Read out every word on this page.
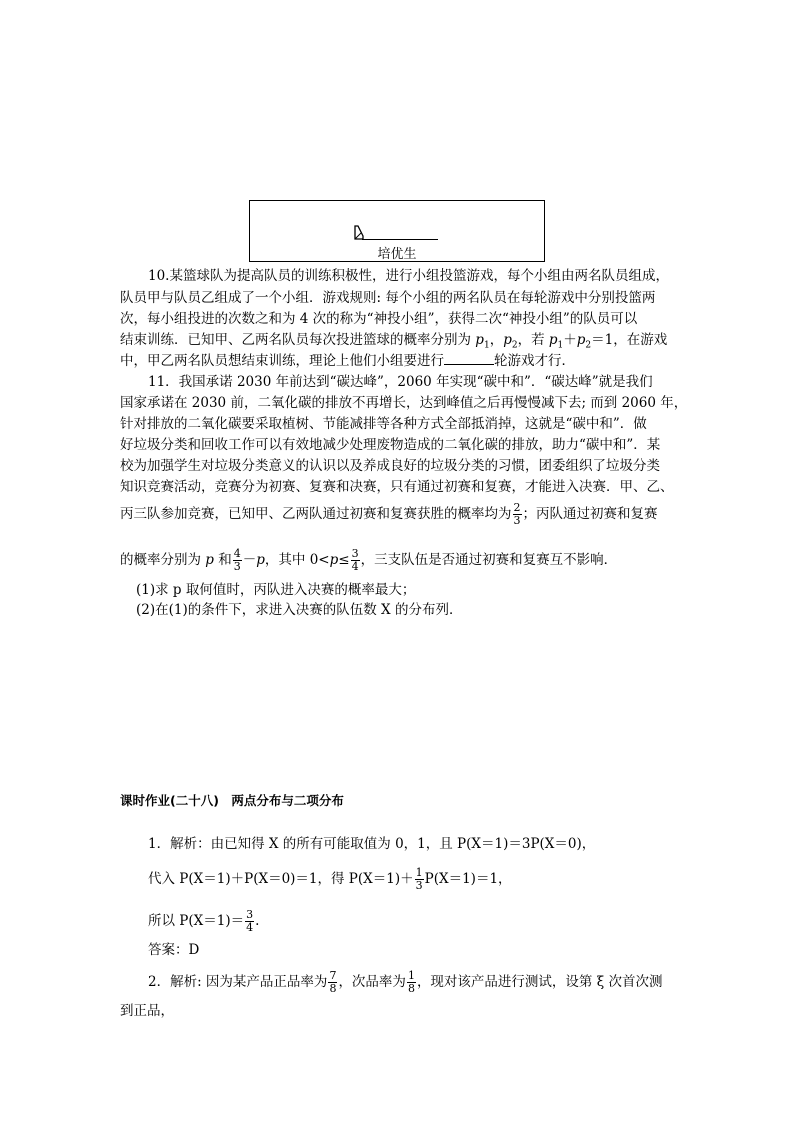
培优生
10.某篮球队为提高队员的训练积极性，进行小组投篮游戏，每个小组由两名队员组成，
队员甲与队员乙组成了一个小组．游戏规则: 每个小组的两名队员在每轮游戏中分别投篮两
次，每小组投进的次数之和为 4 次的称为“神投小组”，获得二次“神投小组”的队员可以
结束训练．已知甲、乙两名队员每次投进篮球的概率分别为 $p_1$，$p_2$，若 $p_1+p_2=1$，在游戏
中，甲乙两名队员想结束训练，理论上他们小组要进行	轮游戏才行．
11．我国承诺 2030 年前达到“碳达峰”，2060 年实现“碳中和”．“碳达峰”就是我们
国家承诺在 2030 前，二氧化碳的排放不再增长，达到峰值之后再慢慢减下去; 而到 2060 年，
针对排放的二氧化碳要采取植树、节能减排等各种方式全部抵消掉，这就是“碳中和”．做
好垃圾分类和回收工作可以有效地减少处理废物造成的二氧化碳的排放，助力“碳中和”．某
校为加强学生对垃圾分类意义的认识以及养成良好的垃圾分类的习惯，团委组织了垃圾分类
知识竞赛活动，竞赛分为初赛、复赛和决赛，只有通过初赛和复赛，才能进入决赛．甲、乙、
丙三队参加竞赛，已知甲、乙两队通过初赛和复赛获胜的概率均为 $\frac{2}{3}$ ；丙队通过初赛和复赛
的概率分别为 p 和 $\frac{4}{3} -p$，其中 $0<p\le \frac{3}{4}$ ，三支队伍是否通过初赛和复赛互不影响．
(1)求 p 取何值时，丙队进入决赛的概率最大；
(2)在(1)的条件下，求进入决赛的队伍数 X 的分布列．
课时作业(二十八)　两点分布与二项分布
1．解析：由已知得 X 的所有可能取值为 0，1，且 P(X＝1)＝3P(X＝0)，
代入 P(X＝1)＋P(X＝0)＝1，得 $P(X=1)+ \frac{1}{3} P(X=1)=1$，
所以 $P(X=1)= \frac{3}{4}$ .
答案：D
2．解析: 因为某产品正品率为 $\frac{7}{8}$ ，次品率为 $\frac{1}{8}$ ，现对该产品进行测试，设第 ξ 次首次测
到正品，
